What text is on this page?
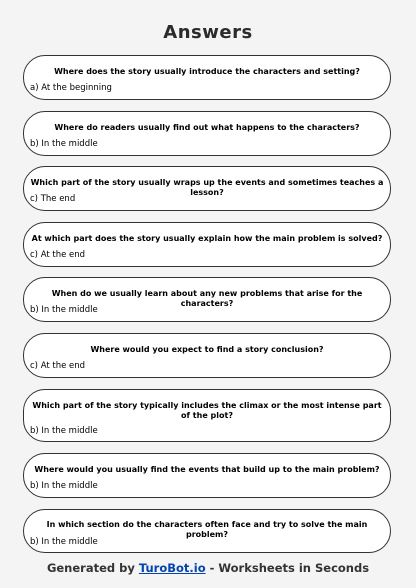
Answers
Where does the story usually introduce the characters and setting?
a) At the beginning
Where do readers usually find out what happens to the characters?
b) In the middle
Which part of the story usually wraps up the events and sometimes teaches a lesson?
c) The end
At which part does the story usually explain how the main problem is solved?
c) At the end
When do we usually learn about any new problems that arise for the characters?
b) In the middle
Where would you expect to find a story conclusion?
c) At the end
Which part of the story typically includes the climax or the most intense part of the plot?
b) In the middle
Where would you usually find the events that build up to the main problem?
b) In the middle
In which section do the characters often face and try to solve the main problem?
b) In the middle
Generated by TuroBot.io - Worksheets in Seconds
